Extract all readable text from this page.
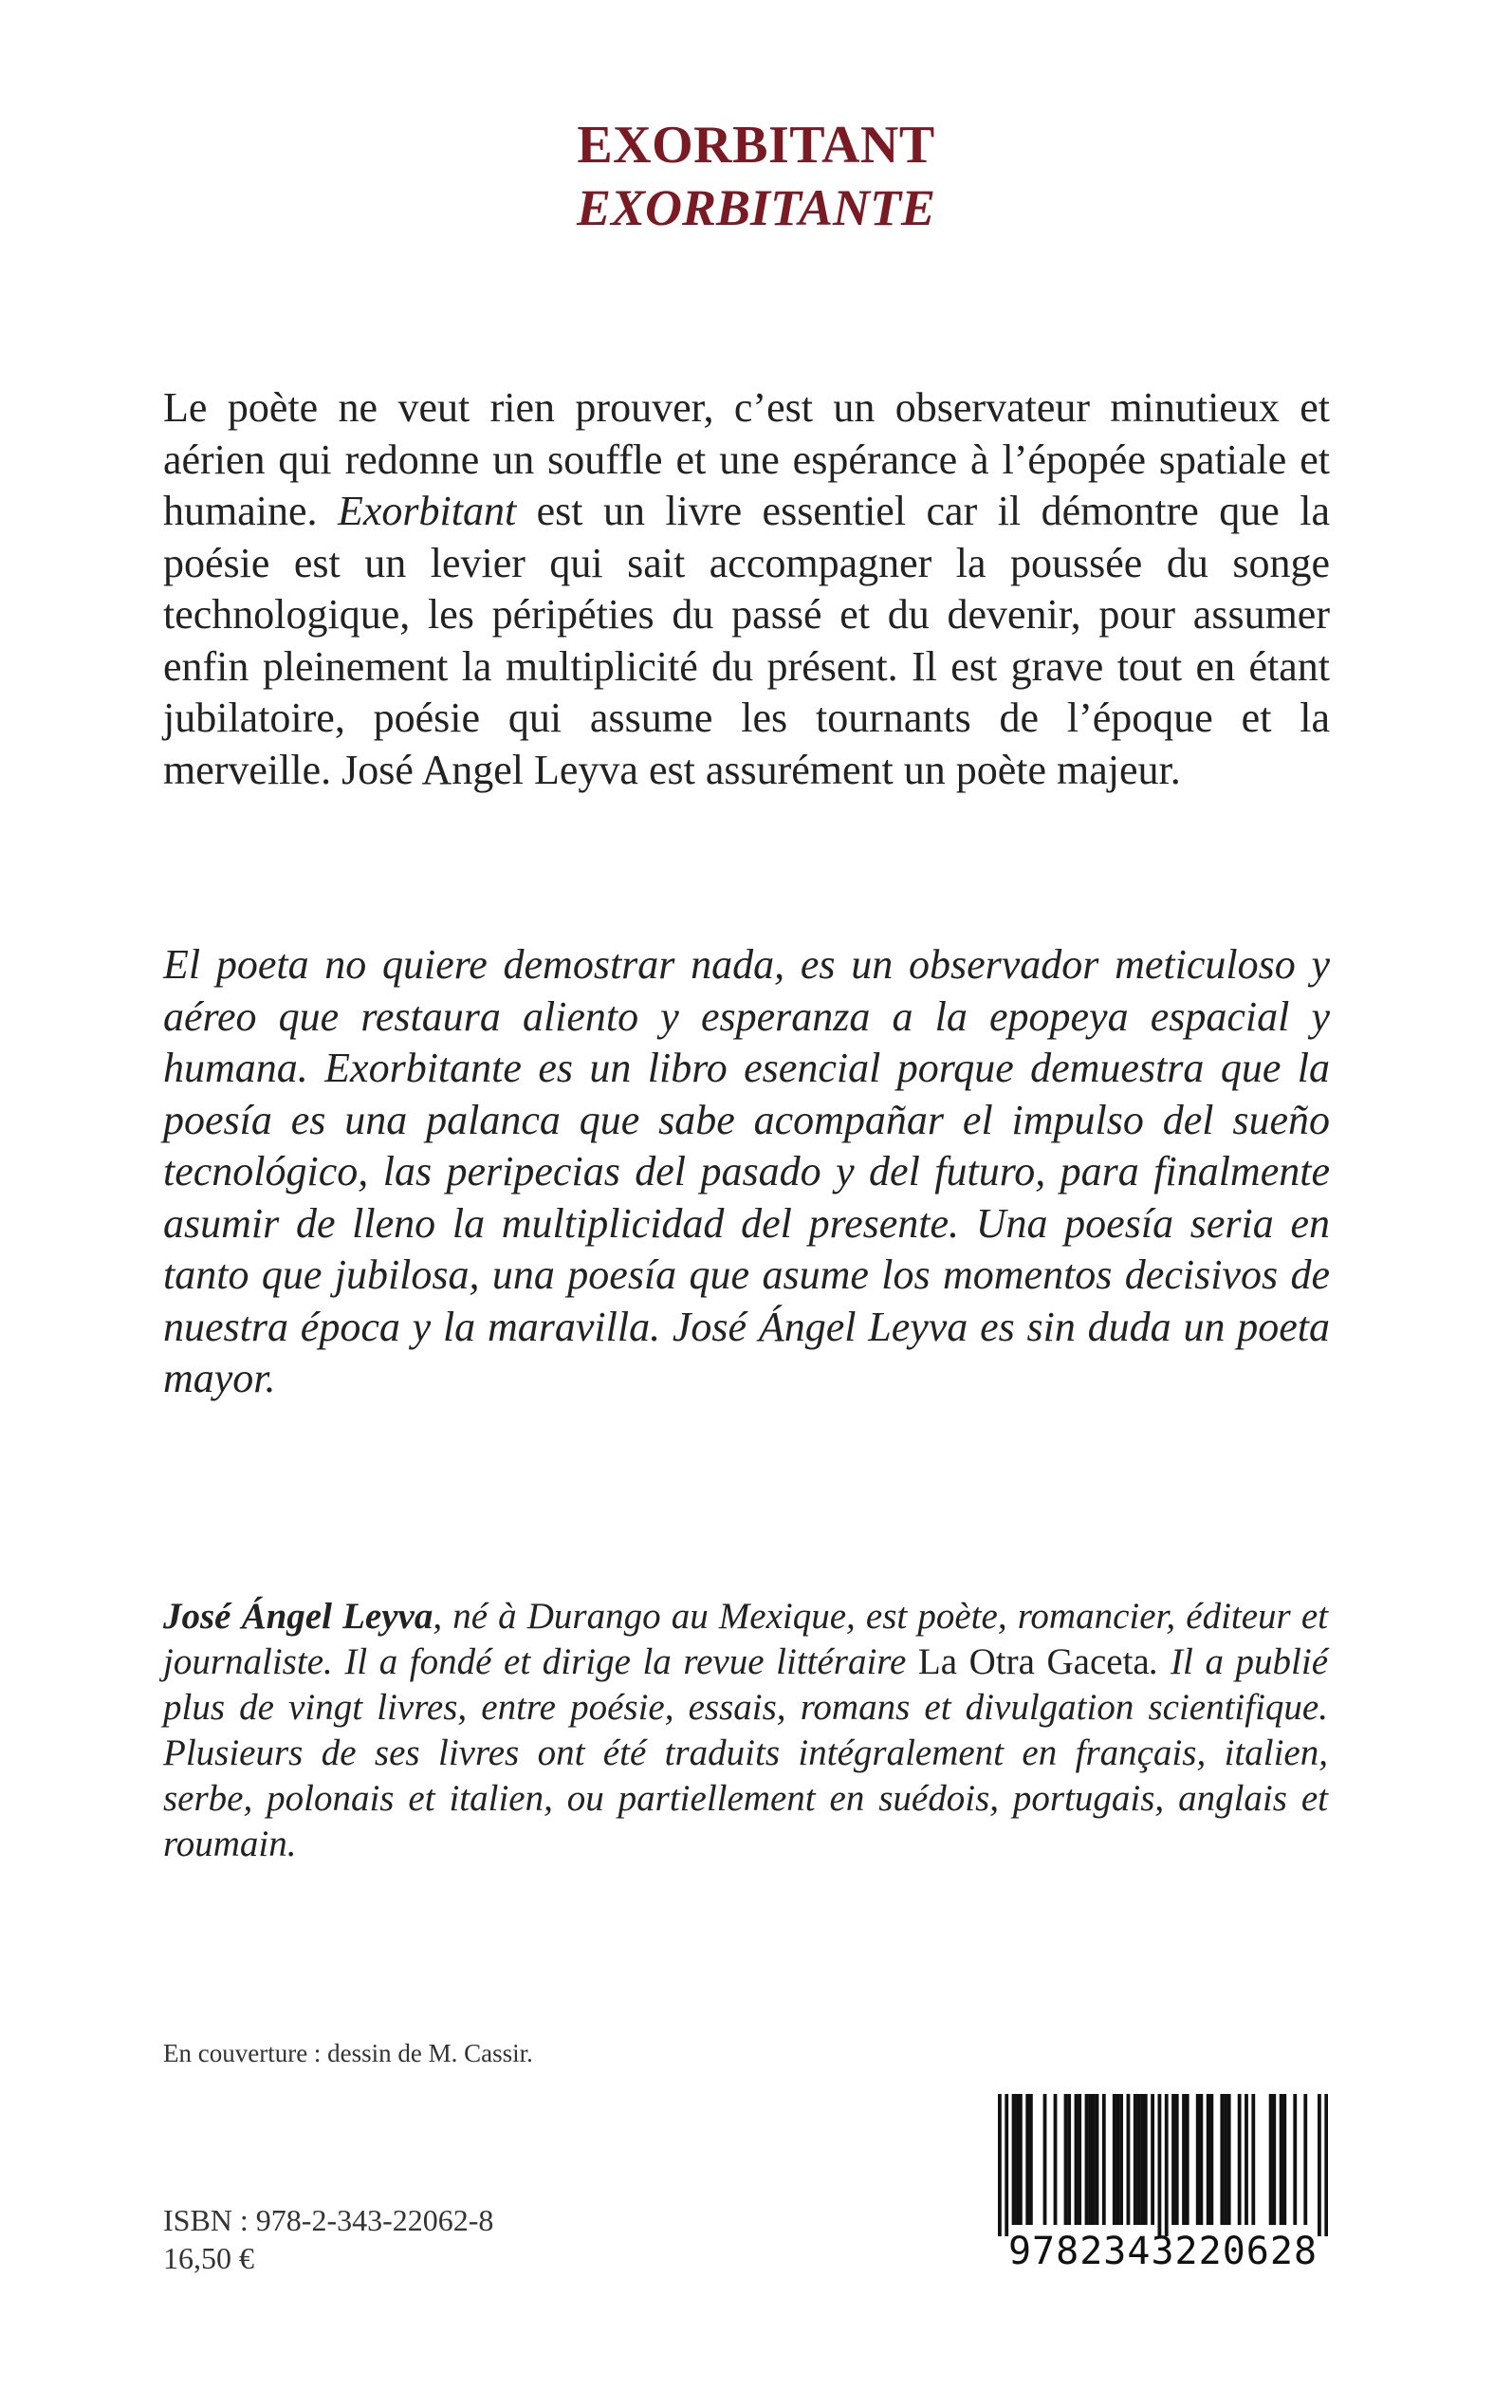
EXORBITANT
EXORBITANTE

Le poète ne veut rien prouver, c’est un observateur minutieux et aérien qui redonne un souffle et une espérance à l’épopée spatiale et humaine. Exorbitant est un livre essentiel car il démontre que la poésie est un levier qui sait accompagner la poussée du songe technologique, les péripéties du passé et du devenir, pour assumer enfin pleinement la multiplicité du présent. Il est grave tout en étant jubilatoire, poésie qui assume les tournants de l’époque et la merveille. José Angel Leyva est assurément un poète majeur.

El poeta no quiere demostrar nada, es un observador meticuloso y aéreo que restaura aliento y esperanza a la epopeya espacial y humana. Exorbitante es un libro esencial porque demuestra que la poesía es una palanca que sabe acompañar el impulso del sueño tecnológico, las peripecias del pasado y del futuro, para finalmente asumir de lleno la multiplicidad del presente. Una poesía seria en tanto que jubilosa, una poesía que asume los momentos decisivos de nuestra época y la maravilla. José Ángel Leyva es sin duda un poeta mayor.

José Ángel Leyva, né à Durango au Mexique, est poète, romancier, éditeur et journaliste. Il a fondé et dirige la revue littéraire La Otra Gaceta. Il a publié plus de vingt livres, entre poésie, essais, romans et divulgation scientifique. Plusieurs de ses livres ont été traduits intégralement en français, italien, serbe, polonais et italien, ou partiellement en suédois, portugais, anglais et roumain.

En couverture : dessin de M. Cassir.
ISBN : 978-2-343-22062-8
16,50 €	9782343220628
